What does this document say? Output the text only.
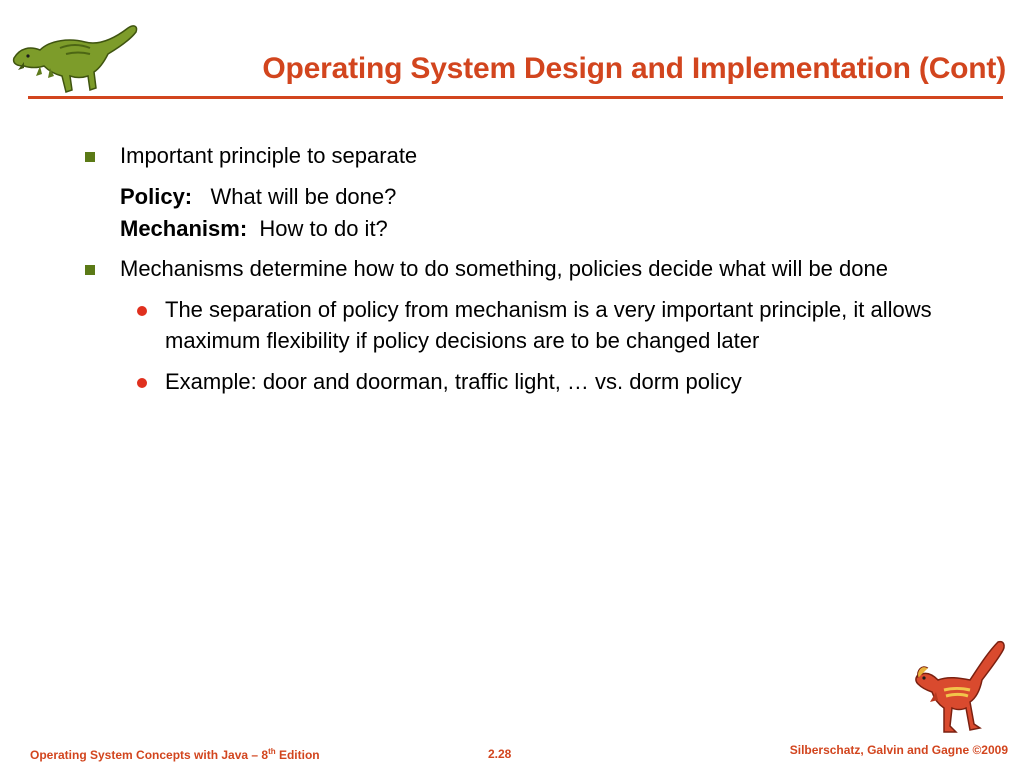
Operating System Design and Implementation (Cont)
Important principle to separate
Policy: What will be done?
Mechanism: How to do it?
Mechanisms determine how to do something, policies decide what will be done
The separation of policy from mechanism is a very important principle, it allows maximum flexibility if policy decisions are to be changed later
Example: door and doorman, traffic light, … vs. dorm policy
Operating System Concepts with Java – 8th Edition	2.28	Silberschatz, Galvin and Gagne ©2009
